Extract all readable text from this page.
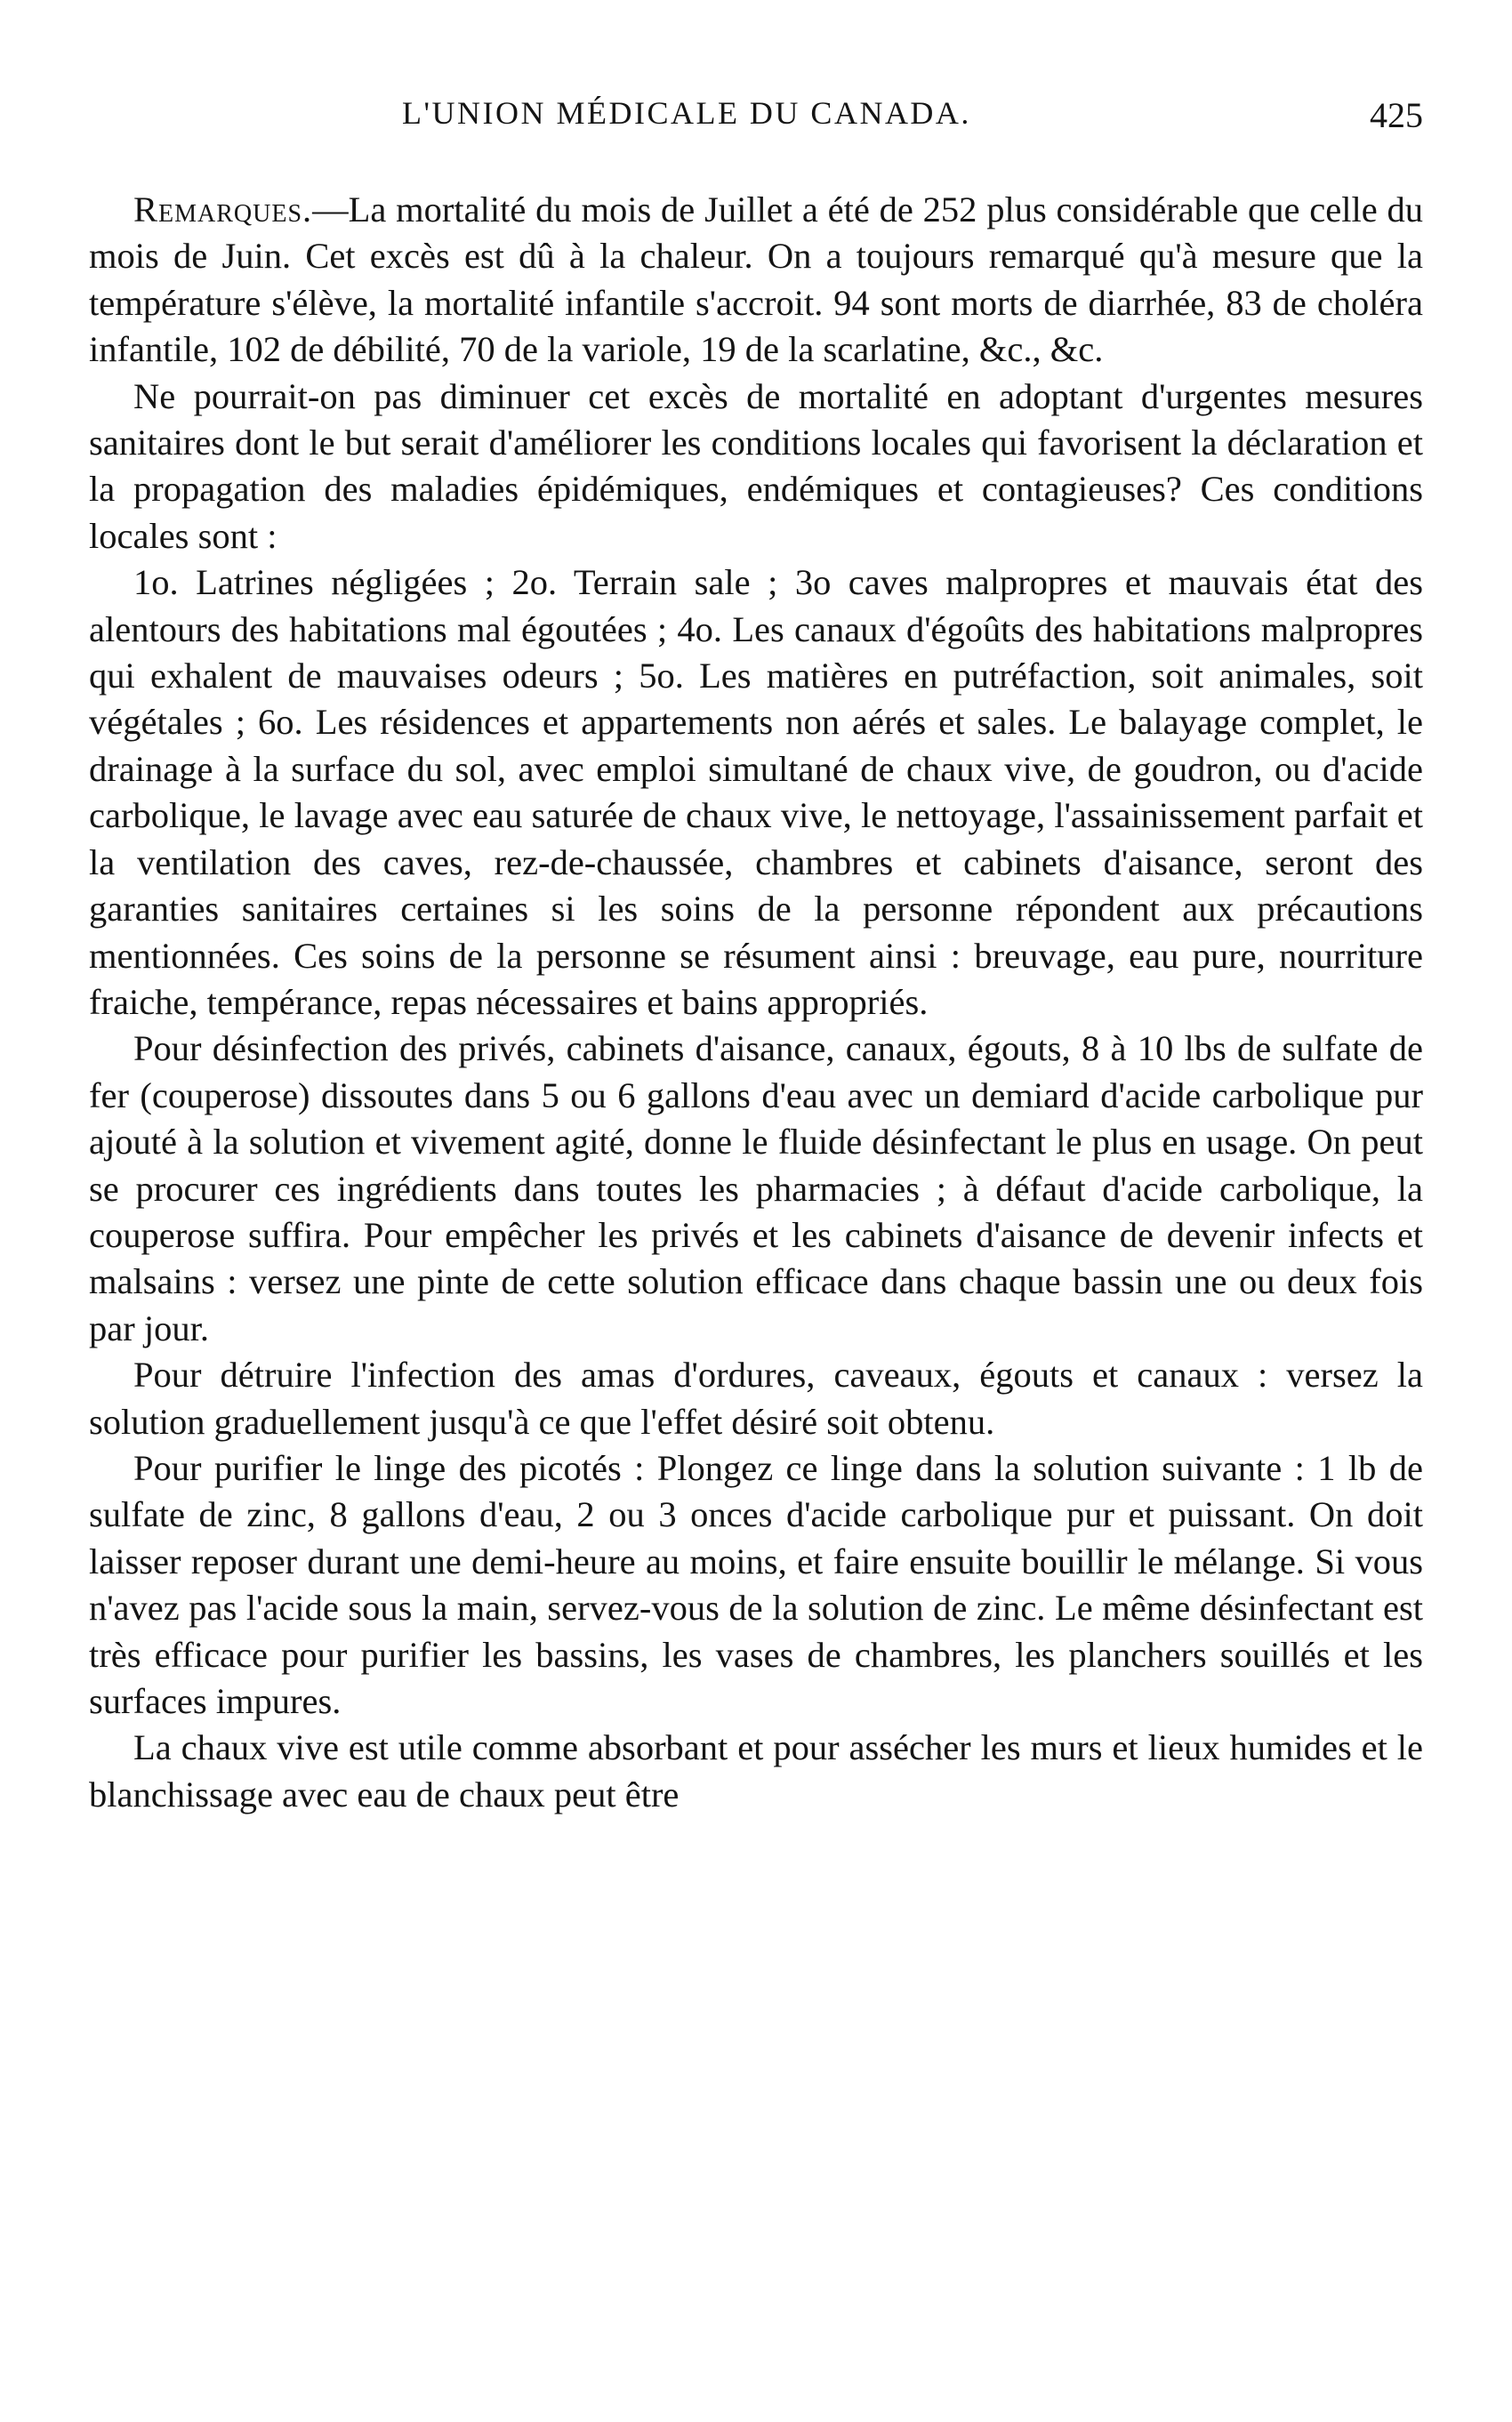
L'UNION MÉDICALE DU CANADA.	425

Remarques.—La mortalité du mois de Juillet a été de 252 plus considérable que celle du mois de Juin. Cet excès est dû à la chaleur. On a toujours remarqué qu'à mesure que la température s'élève, la mortalité infantile s'accroit. 94 sont morts de diarrhée, 83 de choléra infantile, 102 de débilité, 70 de la variole, 19 de la scarlatine, &c., &c.

Ne pourrait-on pas diminuer cet excès de mortalité en adoptant d'urgentes mesures sanitaires dont le but serait d'améliorer les conditions locales qui favorisent la déclaration et la propagation des maladies épidémiques, endémiques et contagieuses? Ces conditions locales sont :

1o. Latrines négligées ; 2o. Terrain sale ; 3o caves malpropres et mauvais état des alentours des habitations mal égoutées ; 4o. Les canaux d'égoûts des habitations malpropres qui exhalent de mauvaises odeurs ; 5o. Les matières en putréfaction, soit animales, soit végétales ; 6o. Les résidences et appartements non aérés et sales. Le balayage complet, le drainage à la surface du sol, avec emploi simultané de chaux vive, de goudron, ou d'acide carbolique, le lavage avec eau saturée de chaux vive, le nettoyage, l'assainissement parfait et la ventilation des caves, rez-de-chaussée, chambres et cabinets d'aisance, seront des garanties sanitaires certaines si les soins de la personne répondent aux précautions mentionnées. Ces soins de la personne se résument ainsi : breuvage, eau pure, nourriture fraiche, tempérance, repas nécessaires et bains appropriés.

Pour désinfection des privés, cabinets d'aisance, canaux, égouts, 8 à 10 lbs de sulfate de fer (couperose) dissoutes dans 5 ou 6 gallons d'eau avec un demiard d'acide carbolique pur ajouté à la solution et vivement agité, donne le fluide désinfectant le plus en usage. On peut se procurer ces ingrédients dans toutes les pharmacies ; à défaut d'acide carbolique, la couperose suffira. Pour empêcher les privés et les cabinets d'aisance de devenir infects et malsains : versez une pinte de cette solution efficace dans chaque bassin une ou deux fois par jour.

Pour détruire l'infection des amas d'ordures, caveaux, égouts et canaux : versez la solution graduellement jusqu'à ce que l'effet désiré soit obtenu.

Pour purifier le linge des picotés : Plongez ce linge dans la solution suivante : 1 lb de sulfate de zinc, 8 gallons d'eau, 2 ou 3 onces d'acide carbolique pur et puissant. On doit laisser reposer durant une demi-heure au moins, et faire ensuite bouillir le mélange. Si vous n'avez pas l'acide sous la main, servez-vous de la solution de zinc. Le même désinfectant est très efficace pour purifier les bassins, les vases de chambres, les planchers souillés et les surfaces impures.

La chaux vive est utile comme absorbant et pour assécher les murs et lieux humides et le blanchissage avec eau de chaux peut être
